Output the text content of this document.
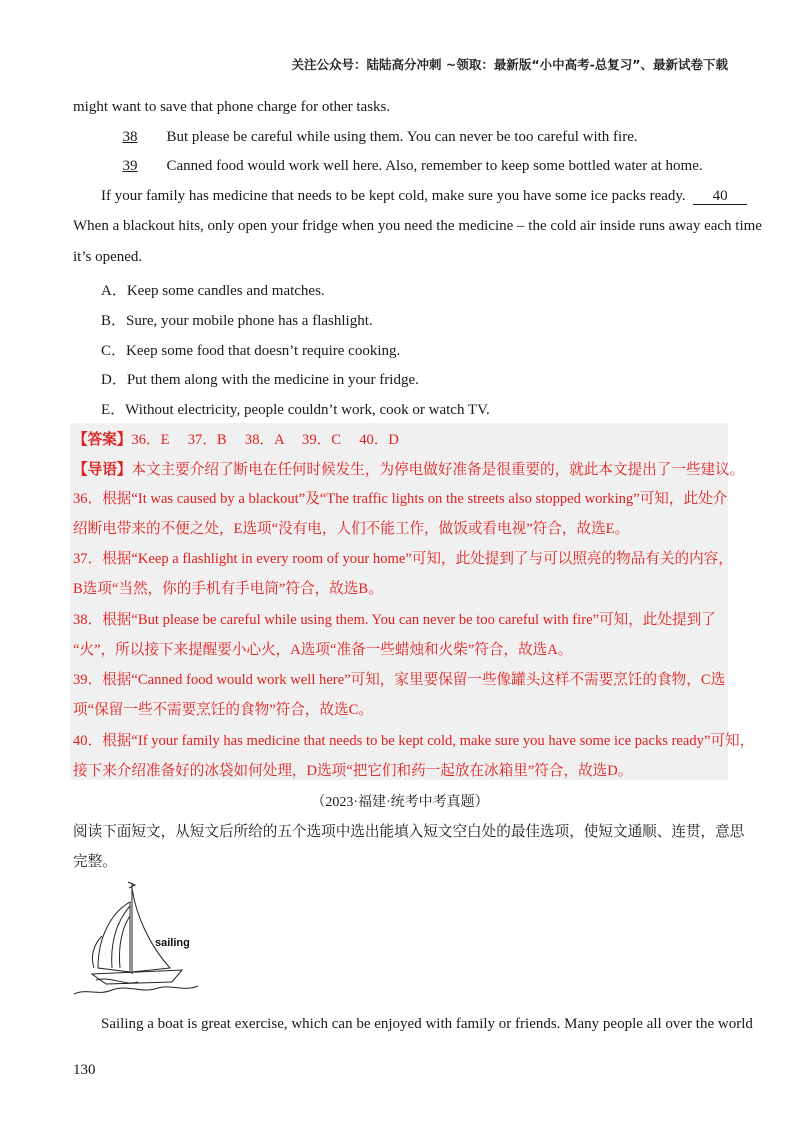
关注公众号：陆陆高分冲刺 ~领取：最新版“小中高考-总复习”、最新试卷下载
might want to save that phone charge for other tasks.
38 But please be careful while using them. You can never be too careful with fire.
39 Canned food would work well here. Also, remember to keep some bottled water at home.
If your family has medicine that needs to be kept cold, make sure you have some ice packs ready. 40
When a blackout hits, only open your fridge when you need the medicine – the cold air inside runs away each time
it’s opened.
A．Keep some candles and matches.
B．Sure, your mobile phone has a flashlight.
C．Keep some food that doesn’t require cooking.
D．Put them along with the medicine in your fridge.
E．Without electricity, people couldn’t work, cook or watch TV.
【答案】36．E     37．B     38．A     39．C     40．D
【导语】本文主要介绍了断电在任何时候发生，为停电做好准备是很重要的，就此本文提出了一些建议。
36．根据“It was caused by a blackout”及“The traffic lights on the streets also stopped working”可知，此处介
绍断电带来的不便之处，E选项“没有电，人们不能工作，做饭或看电视”符合，故选E。
37．根据“Keep a flashlight in every room of your home”可知，此处提到了与可以照亮的物品有关的内容，
B选项“当然，你的手机有手电筒”符合，故选B。
38．根据“But please be careful while using them. You can never be too careful with fire”可知，此处提到了
“火”，所以接下来提醒要小心火，A选项“准备一些蜡烛和火柴”符合，故选A。
39．根据“Canned food would work well here”可知，家里要保留一些像罐头这样不需要烹饪的食物，C选
项“保留一些不需要烹饪的食物”符合，故选C。
40．根据“If your family has medicine that needs to be kept cold, make sure you have some ice packs ready”可知，
接下来介绍准备好的冰袋如何处理，D选项“把它们和药一起放在冰箱里”符合，故选D。
（2023·福建·统考中考真题）
阅读下面短文，从短文后所给的五个选项中选出能填入短文空白处的最佳选项，使短文通顺、连贯，意思
完整。
sailing
Sailing a boat is great exercise, which can be enjoyed with family or friends. Many people all over the world
130
